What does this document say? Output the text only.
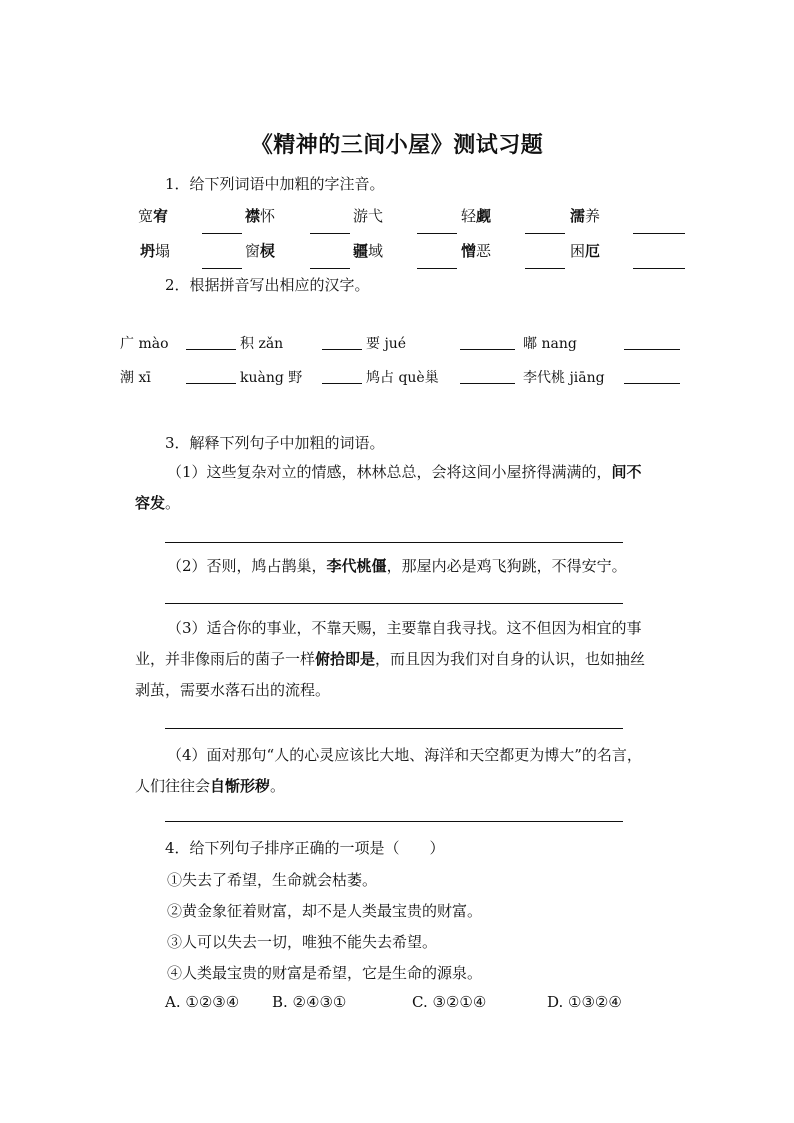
《精神的三间小屋》测试习题
1．给下列词语中加粗的字注音。
宽宥	襟怀	游弋	轻觑	濡养
坍塌	窗棂	疆域	憎恶	困厄
2．根据拼音写出相应的汉字。
广 mào	积 zǎn	要 jué	嘟 nang
潮 xī	kuàng 野	鸠占 què巢	李代桃 jiāng
3．解释下列句子中加粗的词语。
（1）这些复杂对立的情感，林林总总，会将这间小屋挤得满满的，间不
容发。
（2）否则，鸠占鹊巢，李代桃僵，那屋内必是鸡飞狗跳，不得安宁。
（3）适合你的事业，不靠天赐，主要靠自我寻找。这不但因为相宜的事
业，并非像雨后的菌子一样俯拾即是，而且因为我们对自身的认识，也如抽丝
剥茧，需要水落石出的流程。
（4）面对那句“人的心灵应该比大地、海洋和天空都更为博大”的名言，
人们往往会自惭形秽。
4．给下列句子排序正确的一项是（　　）
①失去了希望，生命就会枯萎。
②黄金象征着财富，却不是人类最宝贵的财富。
③人可以失去一切，唯独不能失去希望。
④人类最宝贵的财富是希望，它是生命的源泉。
A. ①②③④ B. ②④③①	C. ③②①④	D. ①③②④
